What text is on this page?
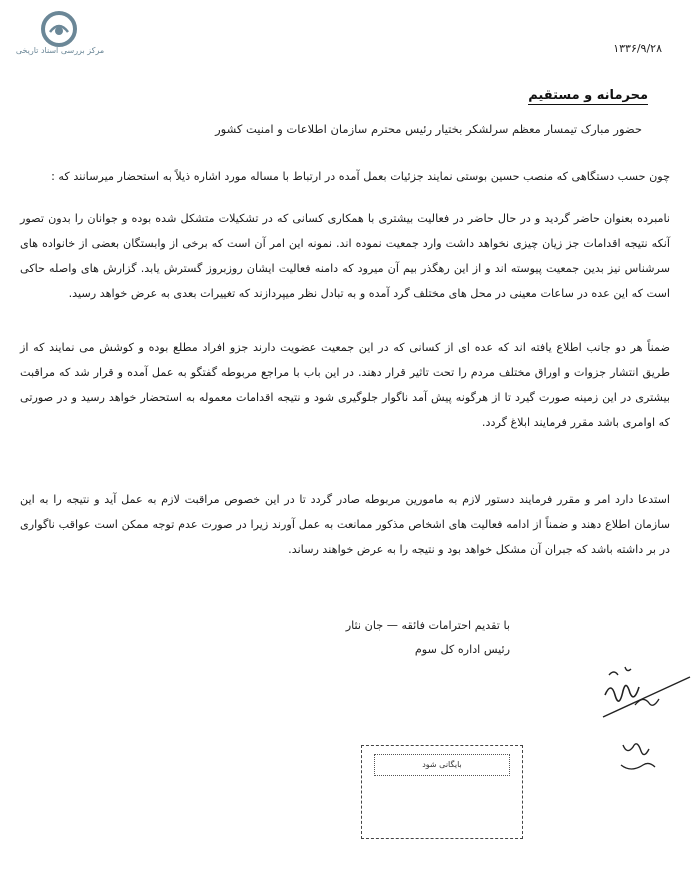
مرکز بررسی اسناد تاریخی	۱۳۳۶/۹/۲۸
محرمانه و مستقیم
حضور مبارک تیمسار معظم سرلشکر بختیار رئیس محترم سازمان اطلاعات و امنیت کشور
چون حسب دستگاهی که منصب حسین بوستی نمایند جزئیات بعمل آمده در ارتباط با مساله مورد اشاره ذیلاً به استحضار میرسانند که :
نامبرده بعنوان حاضر گردید و در حال حاضر در فعالیت بیشتری با همکاری کسانی که در تشکیلات متشکل شده بوده و جوانان را بدون تصور آنکه نتیجه اقدامات جز زیان چیزی نخواهد داشت وارد جمعیت نموده اند. نمونه این امر آن است که برخی از وابستگان بعضی از خانواده های سرشناس نیز بدین جمعیت پیوسته اند و از این رهگذر بیم آن میرود که دامنه فعالیت ایشان روزبروز گسترش یابد. گزارش های واصله حاکی است که این عده در ساعات معینی در محل های مختلف گرد آمده و به تبادل نظر میپردازند که تغییرات بعدی به عرض خواهد رسید.
ضمناً هر دو جانب اطلاع یافته اند که عده ای از کسانی که در این جمعیت عضویت دارند جزو افراد مطلع بوده و کوشش می نمایند که از طریق انتشار جزوات و اوراق مختلف مردم را تحت تاثیر قرار دهند. در این باب با مراجع مربوطه گفتگو به عمل آمده و قرار شد که مراقبت بیشتری در این زمینه صورت گیرد تا از هرگونه پیش آمد ناگوار جلوگیری شود و نتیجه اقدامات معموله به استحضار خواهد رسید و در صورتی که اوامری باشد مقرر فرمایند ابلاغ گردد.
استدعا دارد امر و مقرر فرمایند دستور لازم به مامورین مربوطه صادر گردد تا در این خصوص مراقبت لازم به عمل آید و نتیجه را به این سازمان اطلاع دهند و ضمناً از ادامه فعالیت های اشخاص مذکور ممانعت به عمل آورند زیرا در صورت عدم توجه ممکن است عواقب ناگواری در بر داشته باشد که جبران آن مشکل خواهد بود و نتیجه را به عرض خواهند رساند.
با تقدیم احترامات فائقه — جان نثار
رئیس اداره کل سوم
بایگانی شود
